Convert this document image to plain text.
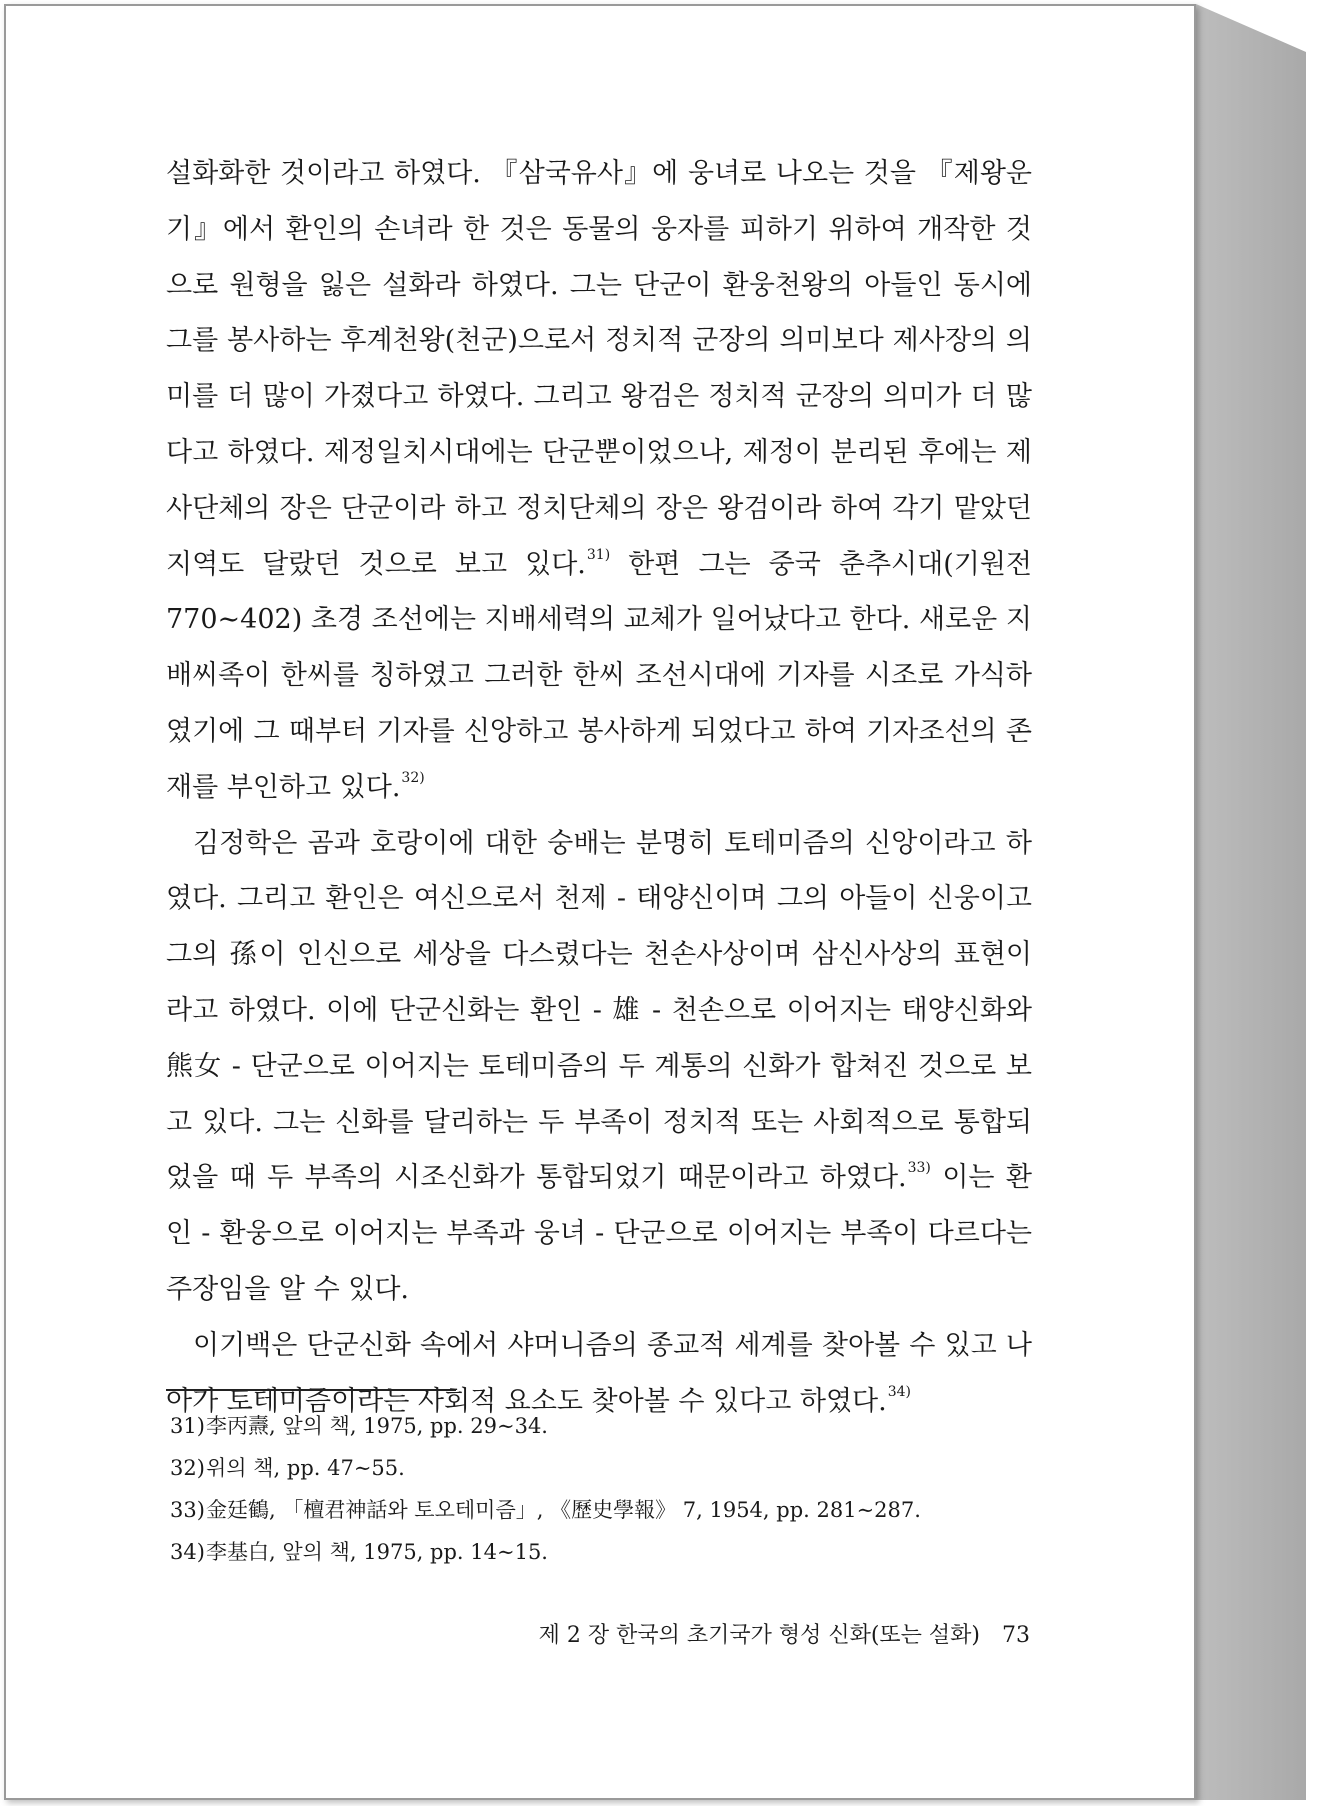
설화화한 것이라고 하였다. 『삼국유사』에 웅녀로 나오는 것을 『제왕운기』에서 환인의 손녀라 한 것은 동물의 웅자를 피하기 위하여 개작한 것으로 원형을 잃은 설화라 하였다. 그는 단군이 환웅천왕의 아들인 동시에 그를 봉사하는 후계천왕(천군)으로서 정치적 군장의 의미보다 제사장의 의미를 더 많이 가졌다고 하였다. 그리고 왕검은 정치적 군장의 의미가 더 많다고 하였다. 제정일치시대에는 단군뿐이었으나, 제정이 분리된 후에는 제사단체의 장은 단군이라 하고 정치단체의 장은 왕검이라 하여 각기 맡았던 지역도 달랐던 것으로 보고 있다.$^{31)}$ 한편 그는 중국 춘추시대(기원전 770∼402) 초경 조선에는 지배세력의 교체가 일어났다고 한다. 새로운 지배씨족이 한씨를 칭하였고 그러한 한씨 조선시대에 기자를 시조로 가식하였기에 그 때부터 기자를 신앙하고 봉사하게 되었다고 하여 기자조선의 존재를 부인하고 있다.$^{32)}$

김정학은 곰과 호랑이에 대한 숭배는 분명히 토테미즘의 신앙이라고 하였다. 그리고 환인은 여신으로서 천제 - 태양신이며 그의 아들이 신웅이고 그의 孫이 인신으로 세상을 다스렸다는 천손사상이며 삼신사상의 표현이라고 하였다. 이에 단군신화는 환인 - 雄 - 천손으로 이어지는 태양신화와 熊女 - 단군으로 이어지는 토테미즘의 두 계통의 신화가 합쳐진 것으로 보고 있다. 그는 신화를 달리하는 두 부족이 정치적 또는 사회적으로 통합되었을 때 두 부족의 시조신화가 통합되었기 때문이라고 하였다.$^{33)}$ 이는 환인 - 환웅으로 이어지는 부족과 웅녀 - 단군으로 이어지는 부족이 다르다는 주장임을 알 수 있다.

이기백은 단군신화 속에서 샤머니즘의 종교적 세계를 찾아볼 수 있고 나아가 토테미즘이라는 사회적 요소도 찾아볼 수 있다고 하였다.$^{34)}$

31)李丙燾, 앞의 책, 1975, pp. 29∼34.
32)위의 책, pp. 47∼55.
33)金廷鶴, 「檀君神話와 토오테미즘」, 《歷史學報》 7, 1954, pp. 281∼287.
34)李基白, 앞의 책, 1975, pp. 14∼15.
제 2 장 한국의 초기국가 형성 신화(또는 설화) 73
